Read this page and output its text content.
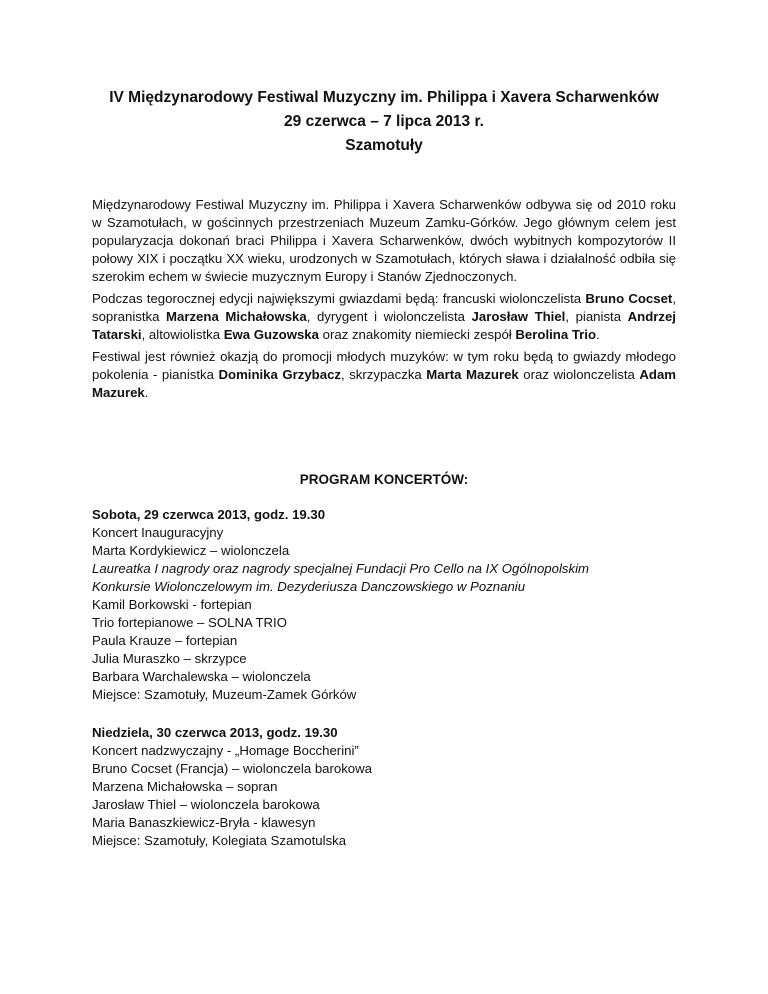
IV Międzynarodowy Festiwal Muzyczny im. Philippa i Xavera Scharwenków
29 czerwca – 7 lipca 2013 r.
Szamotuły

Międzynarodowy Festiwal Muzyczny im. Philippa i Xavera Scharwenków odbywa się od 2010 roku w Szamotułach, w gościnnych przestrzeniach Muzeum Zamku-Górków. Jego głównym celem jest popularyzacja dokonań braci Philippa i Xavera Scharwenków, dwóch wybitnych kompozytorów II połowy XIX i początku XX wieku, urodzonych w Szamotułach, których sława i działalność odbiła się szerokim echem w świecie muzycznym Europy i Stanów Zjednoczonych.

Podczas tegorocznej edycji największymi gwiazdami będą: francuski wiolonczelista Bruno Cocset, sopranistka Marzena Michałowska, dyrygent i wiolonczelista Jarosław Thiel, pianista Andrzej Tatarski, altowiolistka Ewa Guzowska oraz znakomity niemiecki zespół Berolina Trio.

Festiwal jest również okazją do promocji młodych muzyków: w tym roku będą to gwiazdy młodego pokolenia - pianistka Dominika Grzybacz, skrzypaczka Marta Mazurek oraz wiolonczelista Adam Mazurek.

PROGRAM KONCERTÓW:
Sobota, 29 czerwca 2013, godz. 19.30
Koncert Inauguracyjny
Marta Kordykiewicz – wiolonczela
Laureatka I nagrody oraz nagrody specjalnej Fundacji Pro Cello na IX Ogólnopolskim
Konkursie Wiolonczelowym im. Dezyderiusza Danczowskiego w Poznaniu
Kamil Borkowski - fortepian
Trio fortepianowe – SOLNA TRIO
Paula Krauze – fortepian
Julia Muraszko – skrzypce
Barbara Warchalewska – wiolonczela
Miejsce: Szamotuły, Muzeum-Zamek Górków
Niedziela, 30 czerwca 2013, godz. 19.30
Koncert nadzwyczajny - „Homage Boccherini”
Bruno Cocset (Francja) – wiolonczela barokowa
Marzena Michałowska – sopran
Jarosław Thiel – wiolonczela barokowa
Maria Banaszkiewicz-Bryła - klawesyn
Miejsce: Szamotuły, Kolegiata Szamotulska
